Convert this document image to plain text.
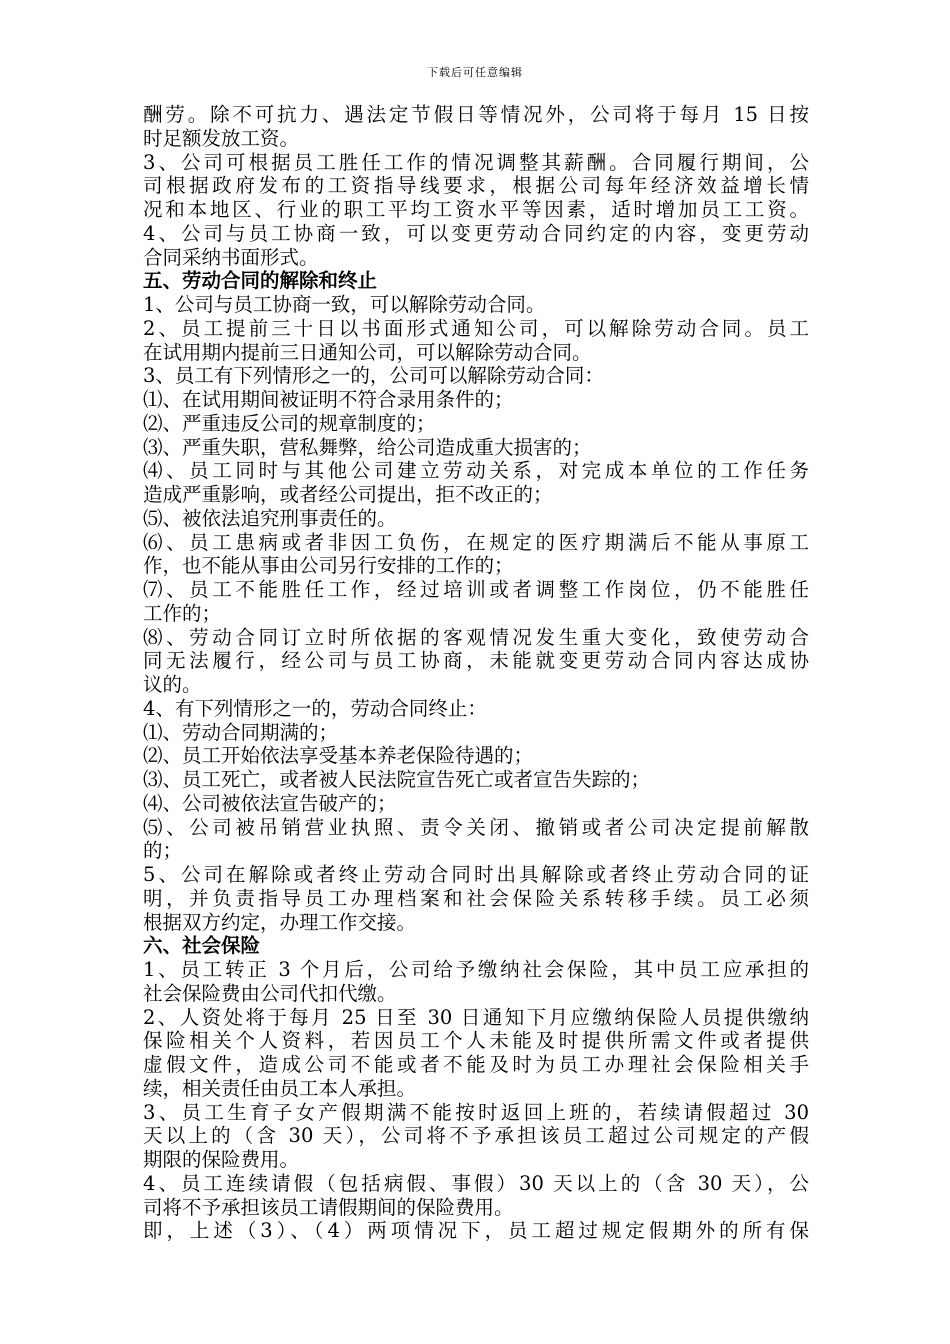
下载后可任意编辑
酬劳。除不可抗力、遇法定节假日等情况外，公司将于每月 15 日按
时足额发放工资。
3、公司可根据员工胜任工作的情况调整其薪酬。合同履行期间，公
司根据政府发布的工资指导线要求，根据公司每年经济效益增长情
况和本地区、行业的职工平均工资水平等因素，适时增加员工工资。
4、公司与员工协商一致，可以变更劳动合同约定的内容，变更劳动
合同采纳书面形式。
五、劳动合同的解除和终止
1、公司与员工协商一致，可以解除劳动合同。
2、员工提前三十日以书面形式通知公司，可以解除劳动合同。员工
在试用期内提前三日通知公司，可以解除劳动合同。
3、员工有下列情形之一的，公司可以解除劳动合同：
⑴、在试用期间被证明不符合录用条件的；
⑵、严重违反公司的规章制度的；
⑶、严重失职，营私舞弊，给公司造成重大损害的；
⑷、员工同时与其他公司建立劳动关系，对完成本单位的工作任务
造成严重影响，或者经公司提出，拒不改正的；
⑸、被依法追究刑事责任的。
⑹、员工患病或者非因工负伤，在规定的医疗期满后不能从事原工
作，也不能从事由公司另行安排的工作的；
⑺、员工不能胜任工作，经过培训或者调整工作岗位，仍不能胜任
工作的；
⑻、劳动合同订立时所依据的客观情况发生重大变化，致使劳动合
同无法履行，经公司与员工协商，未能就变更劳动合同内容达成协
议的。
4、有下列情形之一的，劳动合同终止：
⑴、劳动合同期满的；
⑵、员工开始依法享受基本养老保险待遇的；
⑶、员工死亡，或者被人民法院宣告死亡或者宣告失踪的；
⑷、公司被依法宣告破产的；
⑸、公司被吊销营业执照、责令关闭、撤销或者公司决定提前解散
的；
5、公司在解除或者终止劳动合同时出具解除或者终止劳动合同的证
明，并负责指导员工办理档案和社会保险关系转移手续。员工必须
根据双方约定，办理工作交接。
六、社会保险
1、员工转正 3 个月后，公司给予缴纳社会保险，其中员工应承担的
社会保险费由公司代扣代缴。
2、人资处将于每月 25 日至 30 日通知下月应缴纳保险人员提供缴纳
保险相关个人资料，若因员工个人未能及时提供所需文件或者提供
虚假文件，造成公司不能或者不能及时为员工办理社会保险相关手
续，相关责任由员工本人承担。
3、员工生育子女产假期满不能按时返回上班的，若续请假超过 30
天以上的（含 30 天），公司将不予承担该员工超过公司规定的产假
期限的保险费用。
4、员工连续请假（包括病假、事假）30 天以上的（含 30 天），公
司将不予承担该员工请假期间的保险费用。
即，上述（3）、（4）两项情况下，员工超过规定假期外的所有保
